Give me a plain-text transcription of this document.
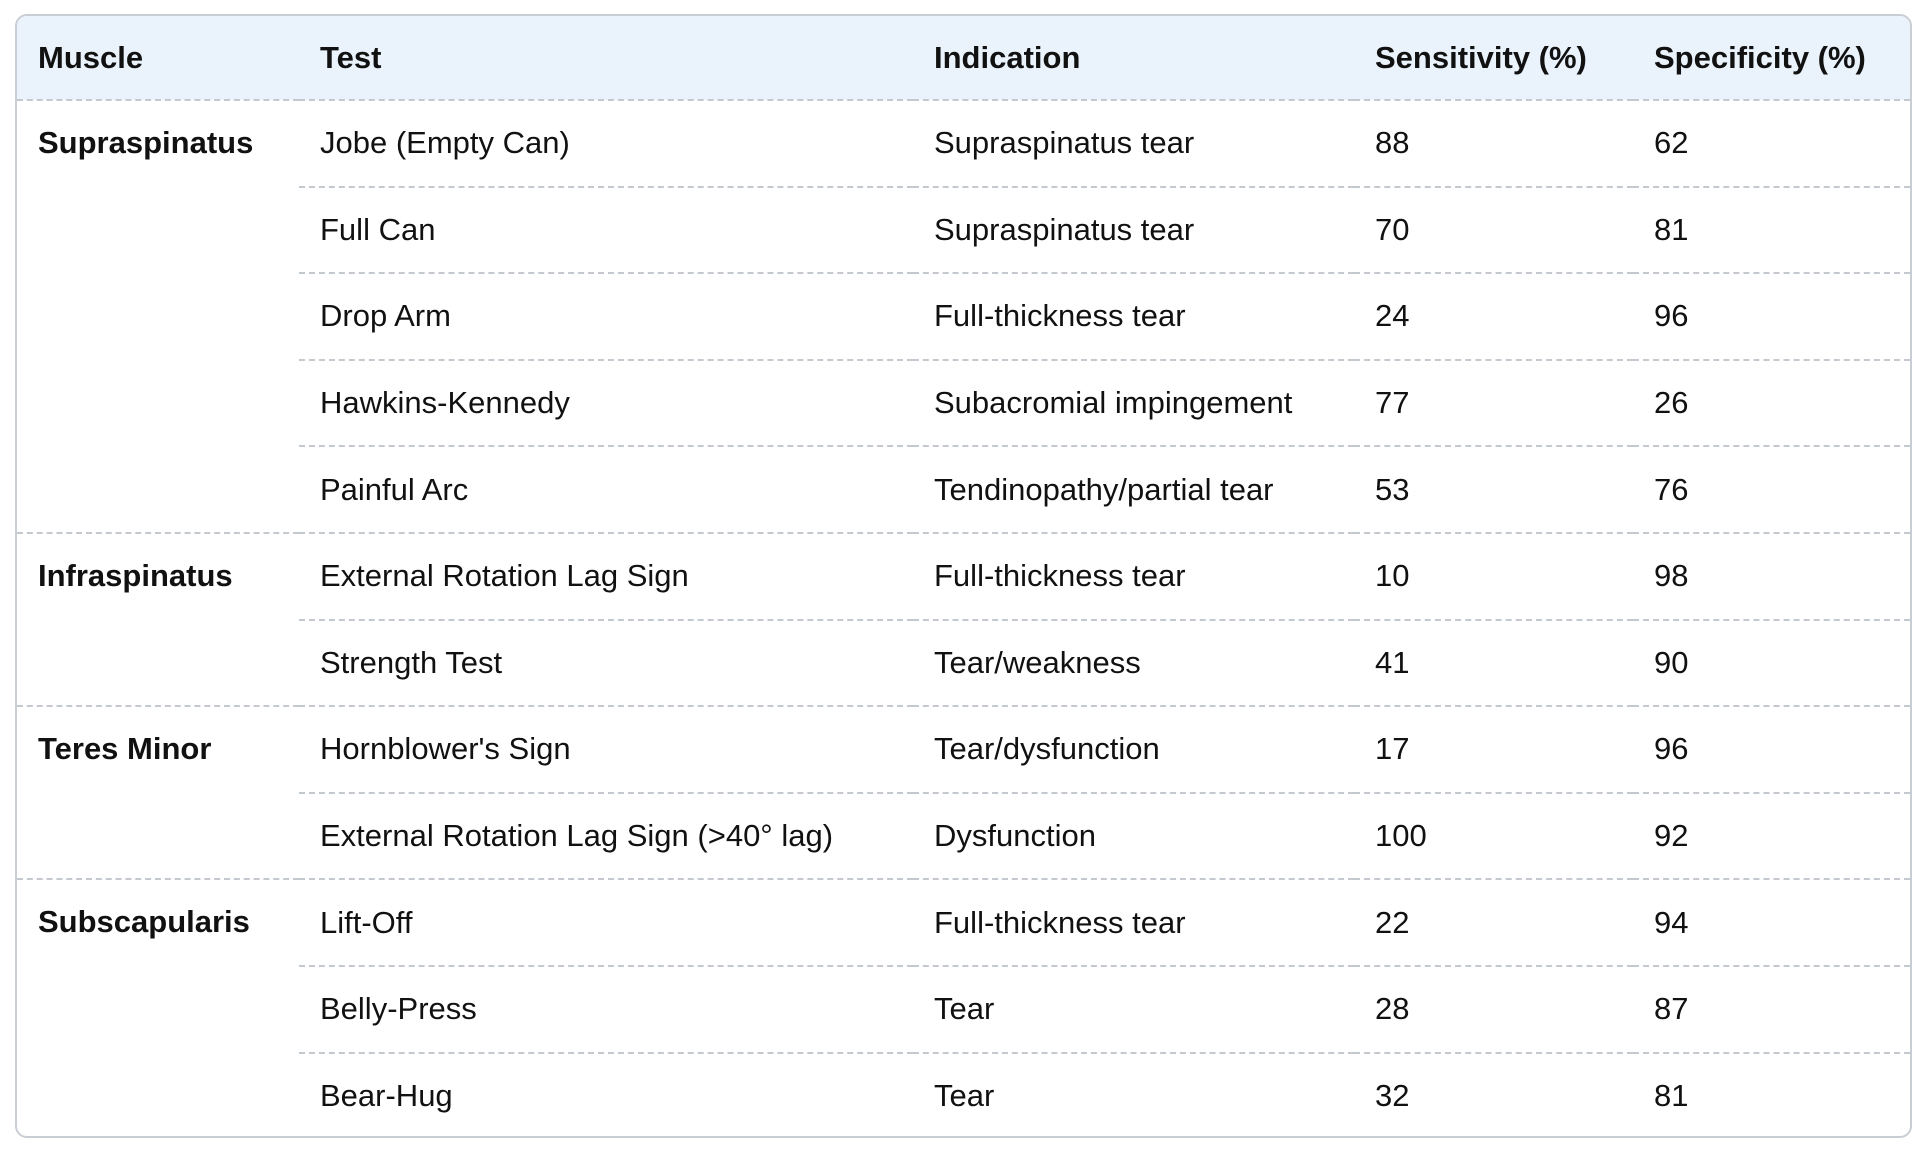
Muscle	Test	Indication	Sensitivity (%)	Specificity (%)
Supraspinatus	Jobe (Empty Can)	Supraspinatus tear	88	62
	Full Can	Supraspinatus tear	70	81
	Drop Arm	Full-thickness tear	24	96
	Hawkins-Kennedy	Subacromial impingement	77	26
	Painful Arc	Tendinopathy/partial tear	53	76
Infraspinatus	External Rotation Lag Sign	Full-thickness tear	10	98
	Strength Test	Tear/weakness	41	90
Teres Minor	Hornblower's Sign	Tear/dysfunction	17	96
	External Rotation Lag Sign (>40° lag)	Dysfunction	100	92
Subscapularis	Lift-Off	Full-thickness tear	22	94
	Belly-Press	Tear	28	87
	Bear-Hug	Tear	32	81
